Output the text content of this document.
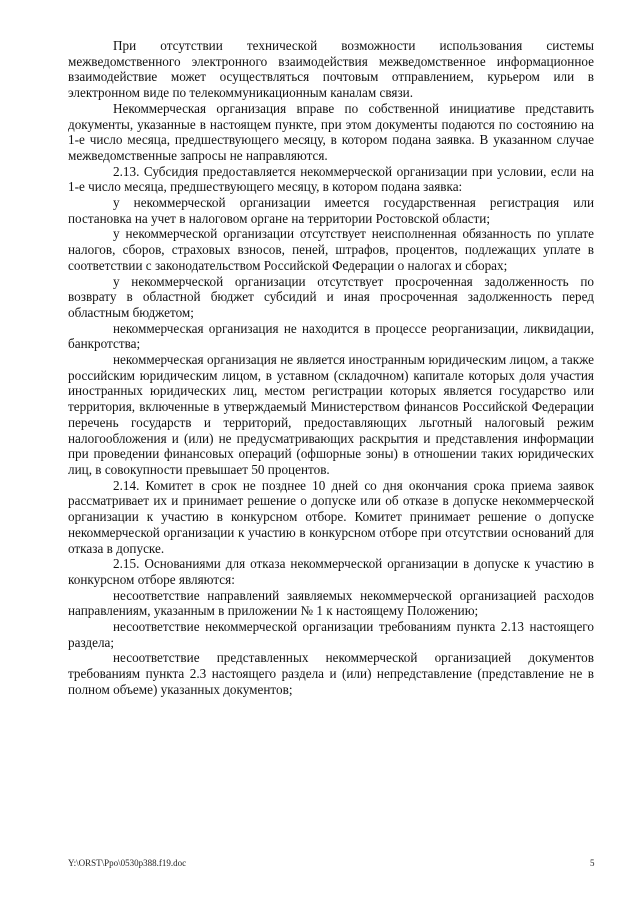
При отсутствии технической возможности использования системы межведомственного электронного взаимодействия межведомственное информационное взаимодействие может осуществляться почтовым отправлением, курьером или в электронном виде по телекоммуникационным каналам связи.

Некоммерческая организация вправе по собственной инициативе представить документы, указанные в настоящем пункте, при этом документы подаются по состоянию на 1-е число месяца, предшествующего месяцу, в котором подана заявка. В указанном случае межведомственные запросы не направляются.

2.13. Субсидия предоставляется некоммерческой организации при условии, если на 1-е число месяца, предшествующего месяцу, в котором подана заявка:

у некоммерческой организации имеется государственная регистрация или постановка на учет в налоговом органе на территории Ростовской области;

у некоммерческой организации отсутствует неисполненная обязанность по уплате налогов, сборов, страховых взносов, пеней, штрафов, процентов, подлежащих уплате в соответствии с законодательством Российской Федерации о налогах и сборах;

у некоммерческой организации отсутствует просроченная задолженность по возврату в областной бюджет субсидий и иная просроченная задолженность перед областным бюджетом;

некоммерческая организация не находится в процессе реорганизации, ликвидации, банкротства;

некоммерческая организация не является иностранным юридическим лицом, а также российским юридическим лицом, в уставном (складочном) капитале которых доля участия иностранных юридических лиц, местом регистрации которых является государство или территория, включенные в утверждаемый Министерством финансов Российской Федерации перечень государств и территорий, предоставляющих льготный налоговый режим налогообложения и (или) не предусматривающих раскрытия и представления информации при проведении финансовых операций (офшорные зоны) в отношении таких юридических лиц, в совокупности превышает 50 процентов.

2.14. Комитет в срок не позднее 10 дней со дня окончания срока приема заявок рассматривает их и принимает решение о допуске или об отказе в допуске некоммерческой организации к участию в конкурсном отборе. Комитет принимает решение о допуске некоммерческой организации к участию в конкурсном отборе при отсутствии оснований для отказа в допуске.

2.15. Основаниями для отказа некоммерческой организации в допуске к участию в конкурсном отборе являются:

несоответствие направлений заявляемых некоммерческой организацией расходов направлениям, указанным в приложении № 1 к настоящему Положению;

несоответствие некоммерческой организации требованиям пункта 2.13 настоящего раздела;

несоответствие представленных некоммерческой организацией документов требованиям пункта 2.3 настоящего раздела и (или) непредставление (представление не в полном объеме) указанных документов;

Y:\ORST\Ppo\0530p388.f19.doc	5
